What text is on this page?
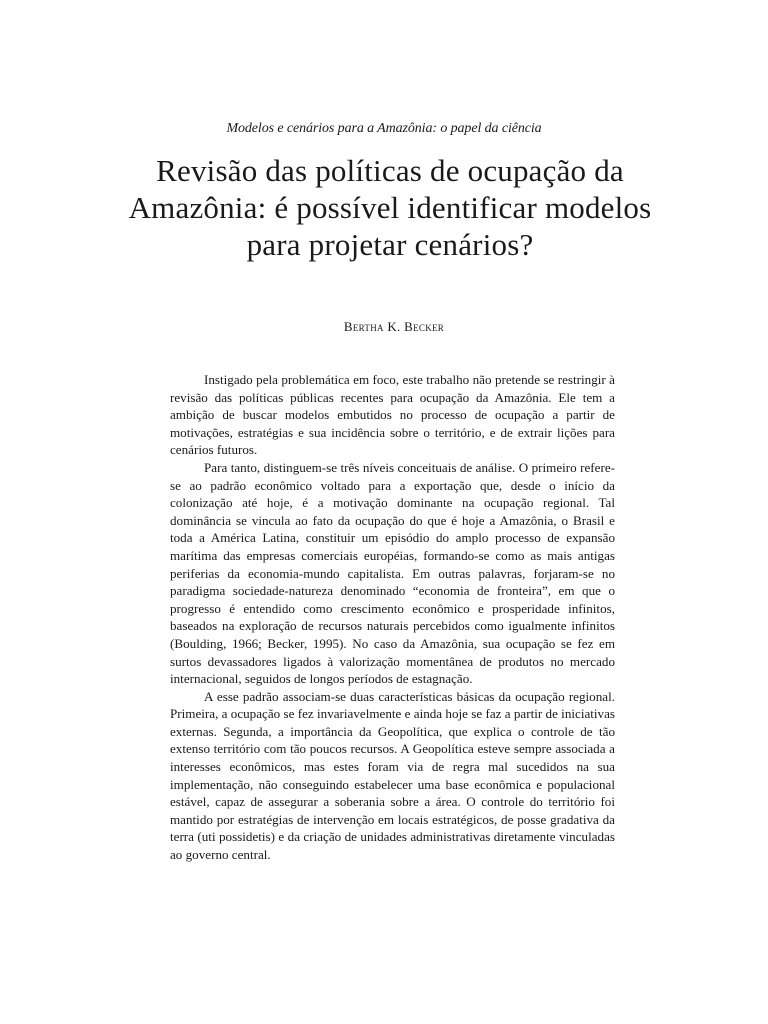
Modelos e cenários para a Amazônia: o papel da ciência
Revisão das políticas de ocupação da Amazônia: é possível identificar modelos para projetar cenários?
Bertha K. Becker

Instigado pela problemática em foco, este trabalho não pretende se restringir à revisão das políticas públicas recentes para ocupação da Amazônia. Ele tem a ambição de buscar modelos embutidos no processo de ocupação a partir de motivações, estratégias e sua incidência sobre o território, e de extrair lições para cenários futuros.

Para tanto, distinguem-se três níveis conceituais de análise. O primeiro refere-se ao padrão econômico voltado para a exportação que, desde o início da colonização até hoje, é a motivação dominante na ocupação regional. Tal dominância se vincula ao fato da ocupação do que é hoje a Amazônia, o Brasil e toda a América Latina, constituir um episódio do amplo processo de expansão marítima das empresas comerciais européias, formando-se como as mais antigas periferias da economia-mundo capitalista. Em outras palavras, forjaram-se no paradigma sociedade-natureza denominado “economia de fronteira”, em que o progresso é entendido como crescimento econômico e prosperidade infinitos, baseados na exploração de recursos naturais percebidos como igualmente infinitos (Boulding, 1966; Becker, 1995). No caso da Amazônia, sua ocupação se fez em surtos devassadores ligados à valorização momentânea de produtos no mercado internacional, seguidos de longos períodos de estagnação.

A esse padrão associam-se duas características básicas da ocupação regional. Primeira, a ocupação se fez invariavelmente e ainda hoje se faz a partir de iniciativas externas. Segunda, a importância da Geopolítica, que explica o controle de tão extenso território com tão poucos recursos. A Geopolítica esteve sempre associada a interesses econômicos, mas estes foram via de regra mal sucedidos na sua implementação, não conseguindo estabelecer uma base econômica e populacional estável, capaz de assegurar a soberania sobre a área. O controle do território foi mantido por estratégias de intervenção em locais estratégicos, de posse gradativa da terra (uti possidetis) e da criação de unidades administrativas diretamente vinculadas ao governo central.
